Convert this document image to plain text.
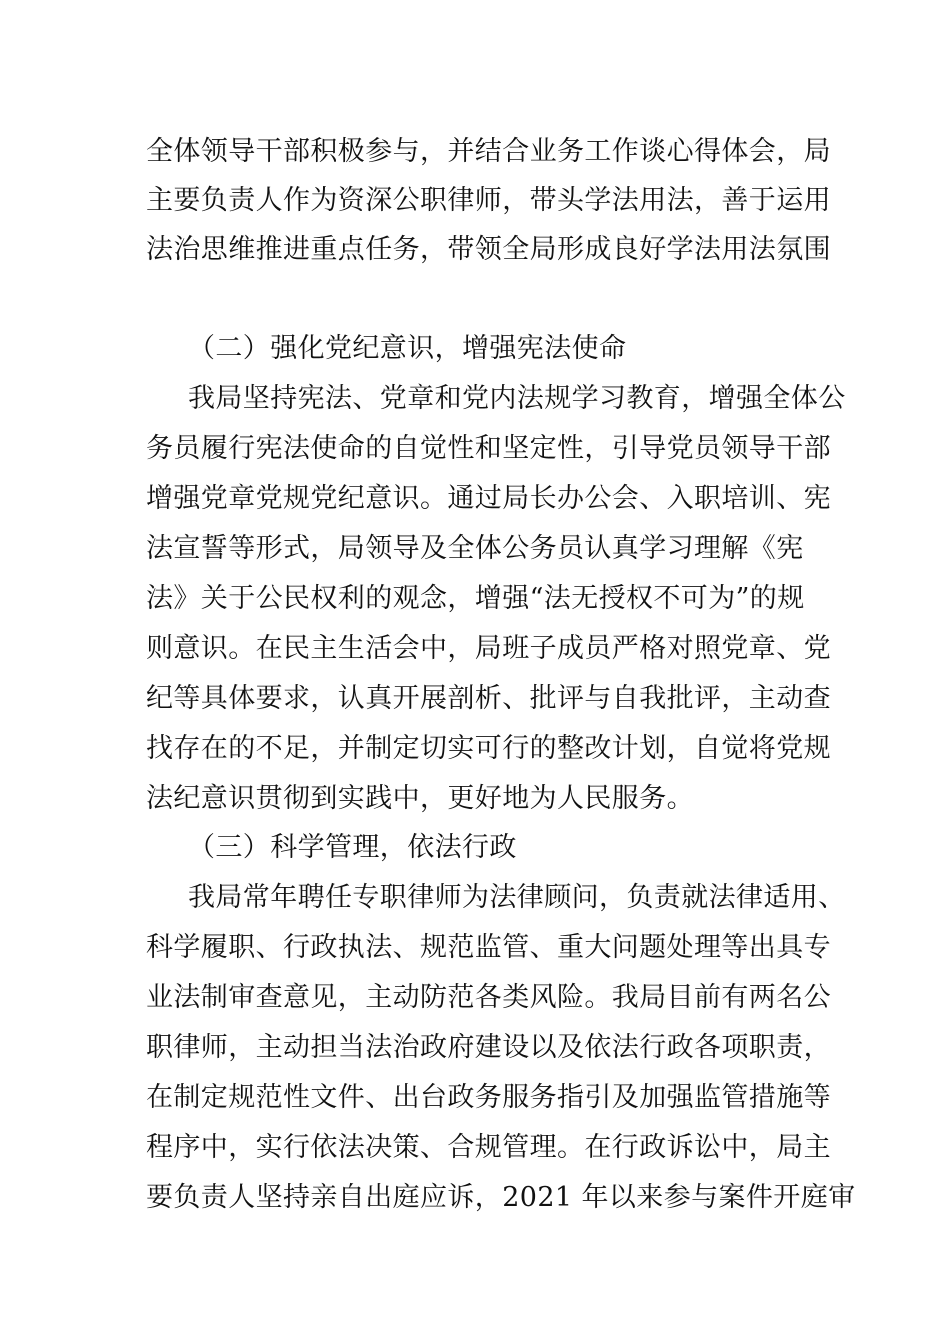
全体领导干部积极参与，并结合业务工作谈心得体会，局
主要负责人作为资深公职律师，带头学法用法，善于运用
法治思维推进重点任务，带领全局形成良好学法用法氛围
（二）强化党纪意识，增强宪法使命
我局坚持宪法、党章和党内法规学习教育，增强全体公
务员履行宪法使命的自觉性和坚定性，引导党员领导干部
增强党章党规党纪意识。通过局长办公会、入职培训、宪
法宣誓等形式，局领导及全体公务员认真学习理解《宪
法》关于公民权利的观念，增强“法无授权不可为”的规
则意识。在民主生活会中，局班子成员严格对照党章、党
纪等具体要求，认真开展剖析、批评与自我批评，主动查
找存在的不足，并制定切实可行的整改计划，自觉将党规
法纪意识贯彻到实践中，更好地为人民服务。
（三）科学管理，依法行政
我局常年聘任专职律师为法律顾问，负责就法律适用、
科学履职、行政执法、规范监管、重大问题处理等出具专
业法制审查意见，主动防范各类风险。我局目前有两名公
职律师，主动担当法治政府建设以及依法行政各项职责，
在制定规范性文件、出台政务服务指引及加强监管措施等
程序中，实行依法决策、合规管理。在行政诉讼中，局主
要负责人坚持亲自出庭应诉，2021 年以来参与案件开庭审
